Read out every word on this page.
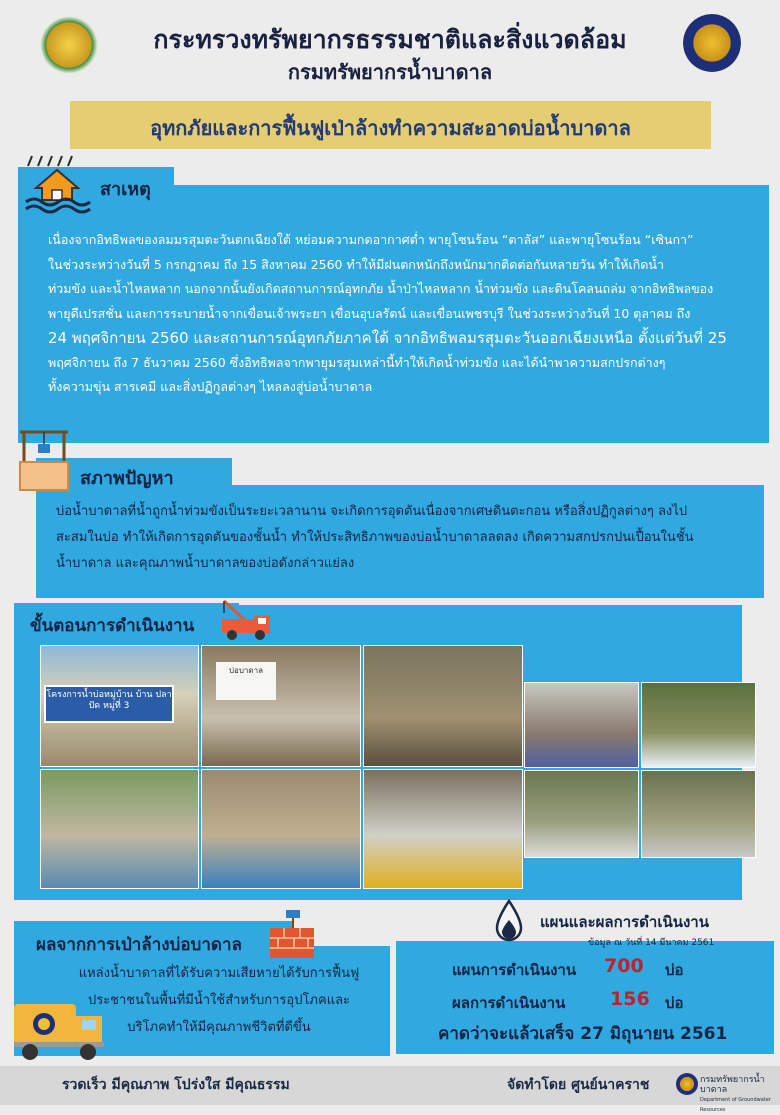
กระทรวงทรัพยากรธรรมชาติและสิ่งแวดล้อม
กรมทรัพยากรน้ำบาดาล
อุทกภัยและการฟื้นฟูเป่าล้างทำความสะอาดบ่อน้ำบาดาล
สาเหตุ
เนื่องจากอิทธิพลของลมมรสุมตะวันตกเฉียงใต้ หย่อมความกดอากาศต่ำ พายุโซนร้อน “ตาลัส” และพายุโซนร้อน “เซินกา”
ในช่วงระหว่างวันที่ 5 กรกฎาคม ถึง 15 สิงหาคม 2560 ทำให้มีฝนตกหนักถึงหนักมากติดต่อกันหลายวัน ทำให้เกิดน้ำ
ท่วมขัง และน้ำไหลหลาก นอกจากนั้นยังเกิดสถานการณ์อุทกภัย น้ำป่าไหลหลาก น้ำท่วมขัง และดินโคลนถล่ม จากอิทธิพลของ
พายุดีเปรสชั่น และการระบายน้ำจากเขื่อนเจ้าพระยา เขื่อนอุบลรัตน์ และเขื่อนเพชรบุรี ในช่วงระหว่างวันที่ 10 ตุลาคม ถึง
24 พฤศจิกายน 2560 และสถานการณ์อุทกภัยภาคใต้ จากอิทธิพลมรสุมตะวันออกเฉียงเหนือ ตั้งแต่วันที่ 25
พฤศจิกายน ถึง 7 ธันวาคม 2560 ซึ่งอิทธิพลจากพายุมรสุมเหล่านี้ทำให้เกิดน้ำท่วมขัง และได้นำพาความสกปรกต่างๆ
ทั้งความขุ่น สารเคมี และสิ่งปฏิกูลต่างๆ ไหลลงสู่บ่อน้ำบาดาล
สภาพปัญหา
บ่อน้ำบาดาลที่น้ำถูกน้ำท่วมขังเป็นระยะเวลานาน จะเกิดการอุดตันเนื่องจากเศษดินตะกอน หรือสิ่งปฏิกูลต่างๆ ลงไป
สะสมในบ่อ ทำให้เกิดการอุดตันของชั้นน้ำ ทำให้ประสิทธิภาพของบ่อน้ำบาดาลลดลง เกิดความสกปรกปนเปื้อนในชั้น
น้ำบาดาล และคุณภาพน้ำบาดาลของบ่อดังกล่าวแย่ลง
ขั้นตอนการดำเนินงาน
โครงการน้ำบ่อหมู่บ้าน บ้าน ปลาปัด หมู่ที่ 3
บ่อบาดาล
ผลจากการเป่าล้างบ่อบาดาล
แหล่งน้ำบาดาลที่ได้รับความเสียหายได้รับการฟื้นฟู
ประชาชนในพื้นที่มีน้ำใช้สำหรับการอุปโภคและ
บริโภคทำให้มีคุณภาพชีวิตที่ดีขึ้น
แผนและผลการดำเนินงาน
ข้อมูล ณ วันที่ 14 มีนาคม 2561
แผนการดำเนินงาน 700 บ่อ
ผลการดำเนินงาน 156 บ่อ
คาดว่าจะแล้วเสร็จ 27 มิถุนายน 2561
รวดเร็ว มีคุณภาพ โปร่งใส มีคุณธรรม	จัดทำโดย ศูนย์นาคราช	กรมทรัพยากรน้ำบาดาล
Department of Groundwater Resources
